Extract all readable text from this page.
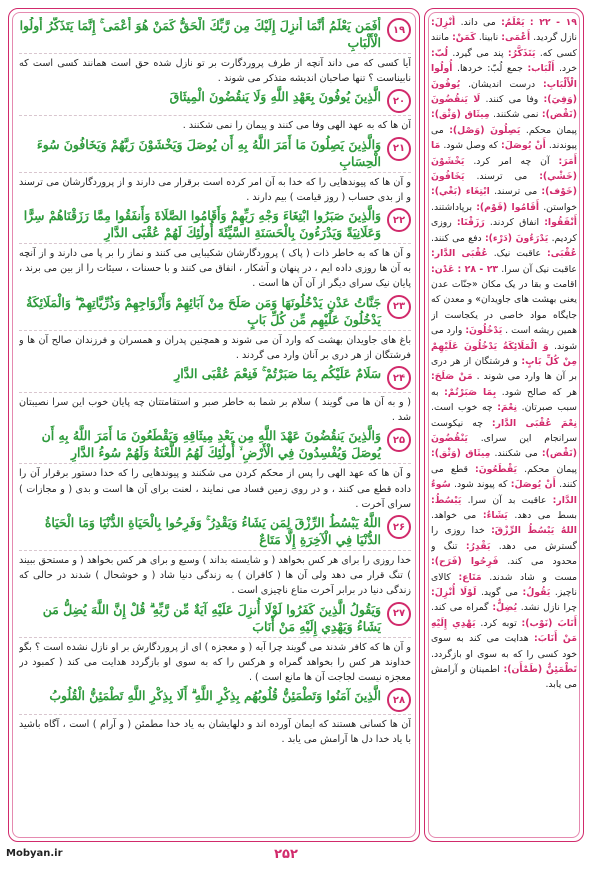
۱۹
أَفَمَن يَعْلَمُ أَنَّمَا أُنزِلَ إِلَيْكَ مِن رَّبِّكَ الْحَقُّ كَمَنْ هُوَ أَعْمَى ۚ إِنَّمَا يَتَذَكَّرُ أُولُوا الْأَلْبَابِ
آیا کسی که می داند آنچه از طرف پروردگارت بر تو نازل شده حق است همانند کسی است که نابیناست ؟ تنها صاحبان اندیشه متذکر می شوند .
۲۰
الَّذِينَ يُوفُونَ بِعَهْدِ اللَّهِ وَلَا يَنقُضُونَ الْمِيثَاقَ
آن ها که به عهد الهی وفا می کنند و پیمان را نمی شکنند .
۲۱
وَالَّذِينَ يَصِلُونَ مَا أَمَرَ اللَّهُ بِهِ أَن يُوصَلَ وَيَخْشَوْنَ رَبَّهُمْ وَيَخَافُونَ سُوءَ الْحِسَابِ
و آن ها که پیوندهایی را که خدا به آن امر کرده است برقرار می دارند و از پروردگارشان می ترسند و از بدی حساب ( روز قیامت ) بیم دارند .
۲۲
وَالَّذِينَ صَبَرُوا ابْتِغَاءَ وَجْهِ رَبِّهِمْ وَأَقَامُوا الصَّلَاةَ وَأَنفَقُوا مِمَّا رَزَقْنَاهُمْ سِرًّا وَعَلَانِيَةً وَيَدْرَءُونَ بِالْحَسَنَةِ السَّيِّئَةَ أُولَٰئِكَ لَهُمْ عُقْبَى الدَّارِ
و آن ها که به خاطر ذات ( پاک ) پروردگارشان شکیبایی می کنند و نماز را بر پا می دارند و از آنچه به آن ها روزی داده ایم ، در پنهان و آشکار ، انفاق می کنند و با حسنات ، سیئات را از بین می برند ، پایان نیک سرای دیگر از آن آن ها است .
۲۳
جَنَّاتُ عَدْنٍ يَدْخُلُونَهَا وَمَن صَلَحَ مِنْ آبَائِهِمْ وَأَزْوَاجِهِمْ وَذُرِّيَّاتِهِمْ ۖ وَالْمَلَائِكَةُ يَدْخُلُونَ عَلَيْهِم مِّن كُلِّ بَابٍ
باغ های جاویدان بهشت که وارد آن می شوند و همچنین پدران و همسران و فرزندان صالح آن ها و فرشتگان از هر دری بر آنان وارد می گردند .
۲۴
سَلَامٌ عَلَيْكُم بِمَا صَبَرْتُمْ ۚ فَنِعْمَ عُقْبَى الدَّارِ
( و به آن ها می گویند ) سلام بر شما به خاطر صبر و استقامتتان چه پایان خوب این سرا نصیبتان شد .
۲۵
وَالَّذِينَ يَنقُضُونَ عَهْدَ اللَّهِ مِن بَعْدِ مِيثَاقِهِ وَيَقْطَعُونَ مَا أَمَرَ اللَّهُ بِهِ أَن يُوصَلَ وَيُفْسِدُونَ فِي الْأَرْضِ ۙ أُولَٰئِكَ لَهُمُ اللَّعْنَةُ وَلَهُمْ سُوءُ الدَّارِ
و آن ها که عهد الهی را پس از محکم کردن می شکنند و پیوندهایی را که خدا دستور برقرار آن را داده قطع می کنند ، و در روی زمین فساد می نمایند ، لعنت برای آن ها است و بدی ( و مجازات ) سرای آخرت .
۲۶
اللَّهُ يَبْسُطُ الرِّزْقَ لِمَن يَشَاءُ وَيَقْدِرُ ۚ وَفَرِحُوا بِالْحَيَاةِ الدُّنْيَا وَمَا الْحَيَاةُ الدُّنْيَا فِي الْآخِرَةِ إِلَّا مَتَاعٌ
خدا روزی را برای هر کس بخواهد ( و شایسته بداند ) وسیع و برای هر کس بخواهد ( و مستحق ببیند ) تنگ قرار می دهد ولی آن ها ( کافران ) به زندگی دنیا شاد ( و خوشحال ) شدند در حالی که زندگی دنیا در برابر آخرت متاع ناچیزی است .
۲۷
وَيَقُولُ الَّذِينَ كَفَرُوا لَوْلَا أُنزِلَ عَلَيْهِ آيَةٌ مِّن رَّبِّهِ ۗ قُلْ إِنَّ اللَّهَ يُضِلُّ مَن يَشَاءُ وَيَهْدِي إِلَيْهِ مَنْ أَنَابَ
و آن ها که کافر شدند می گویند چرا آیه ( و معجزه ) ای از پروردگارش بر او نازل نشده است ؟ بگو خداوند هر کس را بخواهد گمراه و هرکس را که به سوی او بازگردد هدایت می کند ( کمبود در معجزه نیست لجاجت آن ها مانع است ) .
۲۸
الَّذِينَ آمَنُوا وَتَطْمَئِنُّ قُلُوبُهُم بِذِكْرِ اللَّهِ ۗ أَلَا بِذِكْرِ اللَّهِ تَطْمَئِنُّ الْقُلُوبُ
آن ها کسانی هستند که ایمان آورده اند و دلهایشان به یاد خدا مطمئن ( و آرام ) است ، آگاه باشید با یاد خدا دل ها آرامش می یابد .
۱۹ - ۲۲ : یَعْلَمُ: می داند. أُنْزِلَ: نازل گردید. أَعْمَى: نابینا. كَمَنْ: مانند کسی که. يَتَذَكَّرُ: پند می گیرد. لُبّ: خرد. أَلْبَاب: جمع لُبّ: خردها. أُولُوا الْأَلْبَابِ: درست اندیشان. يُوفُونَ (وَفِيَ): وفا می کنند. لَا يَنقُضُونَ (نَقْض): نمی شکنند. مِيثَاق (وَثْق): پیمان محکم. يَصِلُونَ (وَصْل): می پیوندند. أَنْ يُوصَلَ: که وصل شود. مَا أَمَرَ: آن چه امر کرد. يَخْشَوْنَ (خَشْي): می ترسند. يَخَافُونَ (خَوْف): می ترسند. ابْتِغَاء (بَغْي): خواستن. أَقَامُوا (قَوْم): برپاداشتند. أَنْفَقُوا: انفاق کردند. رَزَقْنَا: روزی کردیم. يَدْرَءُونَ (دَرْء): دفع می کنند. عُقْبَى: عاقبت نیک. عُقْبَى الدَّار: عاقبت نیک آن سرا. ۲۳ - ۲۸ : عَدْن: اقامت و بقا در یک مکان «جنّات عدن یعنی بهشت های جاویدان» و معدن که جایگاه مواد خاصی در یکجاست از همین ریشه است . يَدْخُلُونَ: وارد می شوند. وَ الْمَلَائِكَةُ يَدْخُلُونَ عَلَيْهِمْ مِنْ كُلِّ بَابٍ: و فرشتگان از هر دری بر آن ها وارد می شوند . مَنْ صَلَحَ: هر که صالح شود. بِمَا صَبَرْتُمْ: به سبب صبرتان. نِعْمَ: چه خوب است. نِعْمَ عُقْبَى الدَّار: چه نیکوست سرانجام این سرای. يَنْقُضُونَ (نَقْض): می شکنند. مِيثَاق (وَثْق): پیمان محکم. يَقْطَعُونَ: قطع می کنند. أَنْ يُوصَلَ: که پیوند شود. سُوءُ الدَّار: عاقبت بد آن سرا. يَبْسُطُ: بسط می دهد. يَشَاءُ: می خواهد. اللهُ يَبْسُطُ الرِّزْقَ: خدا روزی را گسترش می دهد. يَقْدِرُ: تنگ و محدود می کند. فَرِحُوا (فَرَح): مست و شاد شدند. مَتَاع: کالای ناچیز. يَقُولُ: می گوید. لَوْلَا أُنْزِلَ: چرا نازل نشد. يُضِلُّ: گمراه می کند. أَنَابَ (نَوْب): توبه کرد. يَهْدِي إِلَيْهِ مَنْ أَنَابَ: هدایت می کند به سوی خود کسی را که به سوی او بازگردد. تَطْمَئِنُّ (طَمْأَن): اطمینان و آرامش می یابد.
Mobyan.ir	۲۵۲
